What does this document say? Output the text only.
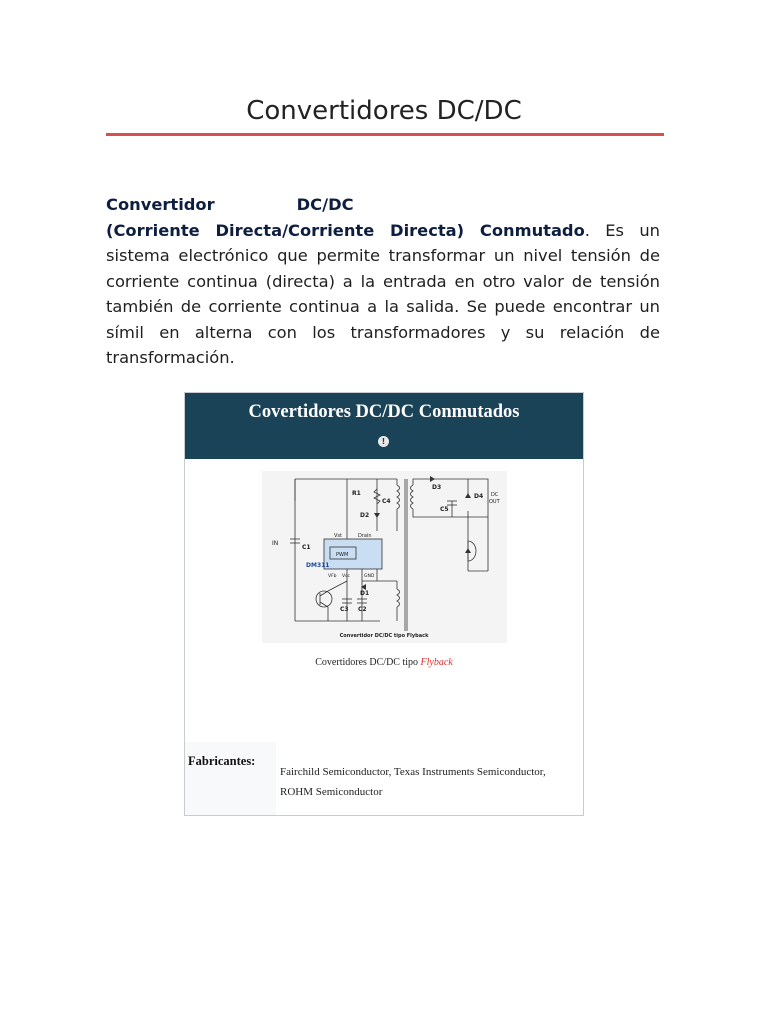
Convertidores DC/DC
Convertidor	DC/DC
(Corriente Directa/Corriente Directa) Conmutado. Es un sistema electrónico que permite transformar un nivel tensión de corriente continua (directa) a la entrada en otro valor de tensión también de corriente continua a la salida. Se puede encontrar un símil en alterna con los transformadores y su relación de transformación.
Covertidores DC/DC Conmutados
!
R1
C4
D2
D3
D4 DC
OUT
C5
IN
C1
Vst	Drain
PWM
DM311
VFb Vcc	GND
D1
C3 C2
Convertidor DC/DC tipo Flyback
Covertidores DC/DC tipo Flyback
Fabricantes:
Fairchild Semiconductor, Texas Instruments Semiconductor, ROHM Semiconductor
